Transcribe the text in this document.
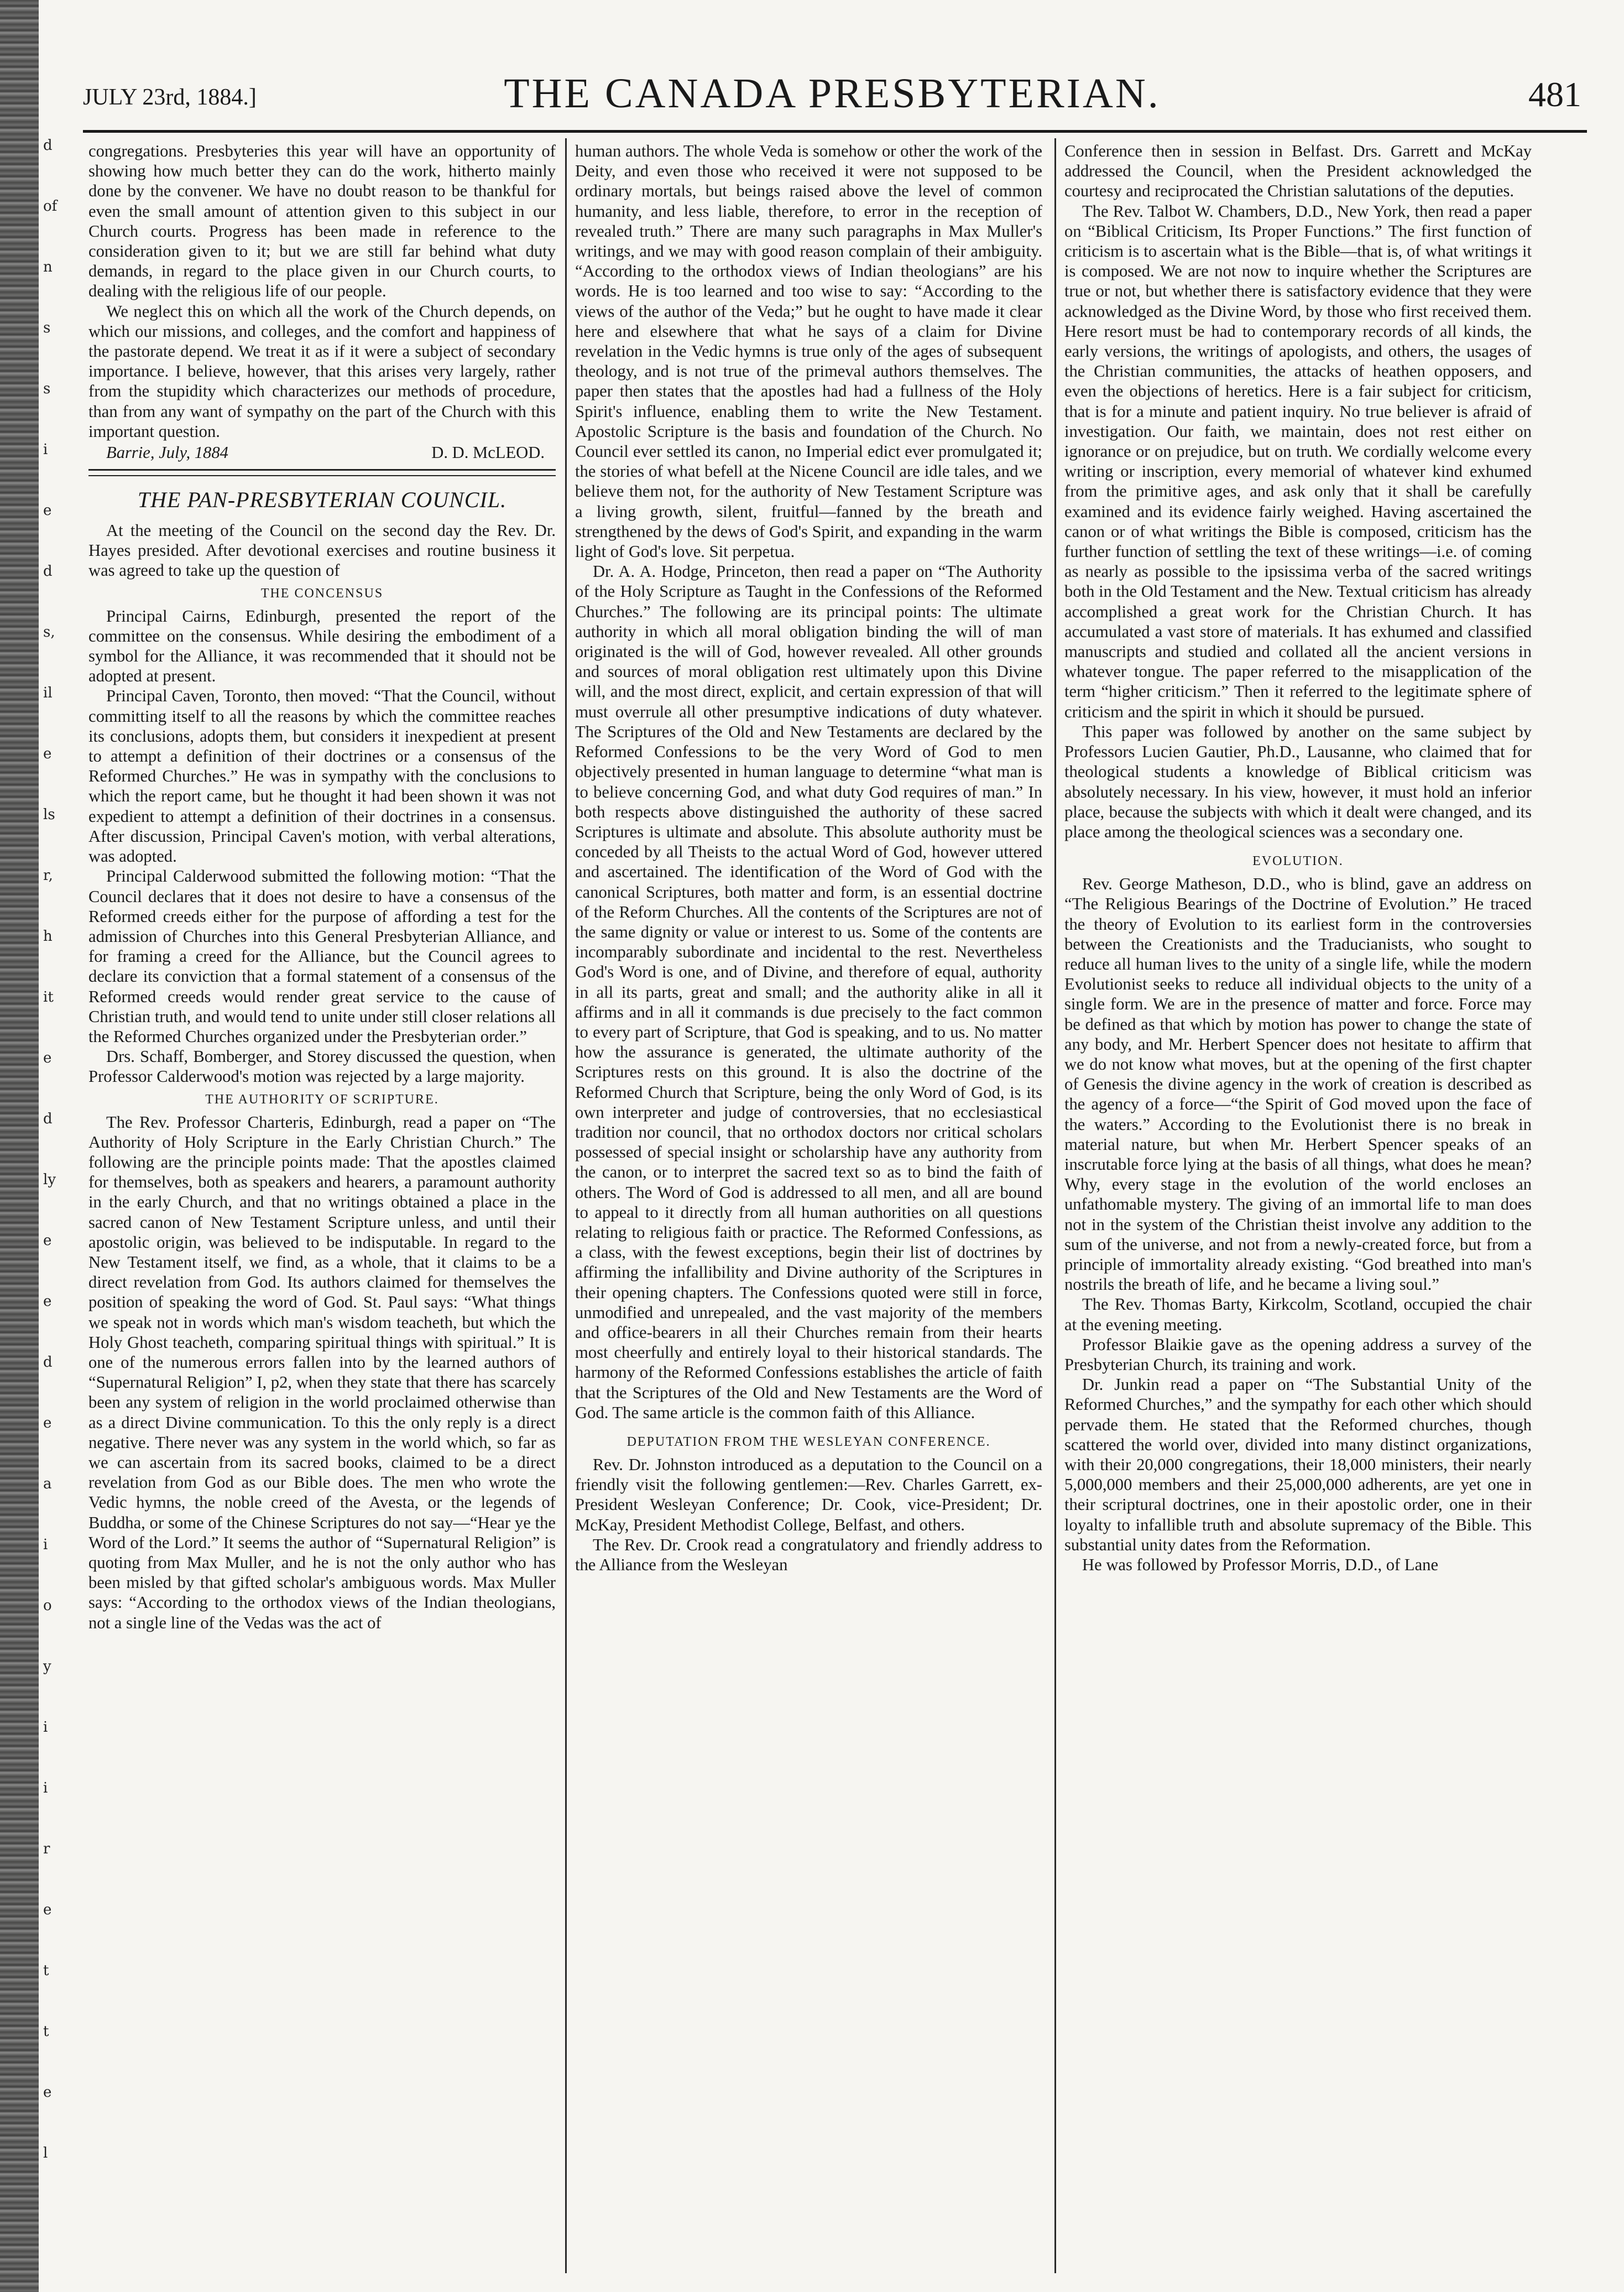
d
of
n
s
s
i
e
d
s,
il
e
ls
r,
h
it
e
d
ly
e
e
d
e
a
i
o
y
i
i
r
e
t
t
e
l
JULY 23rd, 1884.]	THE CANADA PRESBYTERIAN.	481

congregations. Presbyteries this year will have an opportunity of showing how much better they can do the work, hitherto mainly done by the convener. We have no doubt reason to be thankful for even the small amount of attention given to this subject in our Church courts. Progress has been made in reference to the consideration given to it; but we are still far behind what duty demands, in regard to the place given in our Church courts, to dealing with the religious life of our people.

We neglect this on which all the work of the Church depends, on which our missions, and colleges, and the comfort and happiness of the pastorate depend. We treat it as if it were a subject of secondary importance. I believe, however, that this arises very largely, rather from the stupidity which characterizes our methods of procedure, than from any want of sympathy on the part of the Church with this important question.

Barrie, July, 1884	D. D. McLEOD.
THE PAN-PRESBYTERIAN COUNCIL.

At the meeting of the Council on the second day the Rev. Dr. Hayes presided. After devotional exercises and routine business it was agreed to take up the question of

THE CONCENSUS

Principal Cairns, Edinburgh, presented the report of the committee on the consensus. While desiring the embodiment of a symbol for the Alliance, it was recommended that it should not be adopted at present.

Principal Caven, Toronto, then moved: “That the Council, without committing itself to all the reasons by which the committee reaches its conclusions, adopts them, but considers it inexpedient at present to attempt a definition of their doctrines or a consensus of the Reformed Churches.” He was in sympathy with the conclusions to which the report came, but he thought it had been shown it was not expedient to attempt a definition of their doctrines in a consensus. After discussion, Principal Caven's motion, with verbal alterations, was adopted.

Principal Calderwood submitted the following motion: “That the Council declares that it does not desire to have a consensus of the Reformed creeds either for the purpose of affording a test for the admission of Churches into this General Presbyterian Alliance, and for framing a creed for the Alliance, but the Council agrees to declare its conviction that a formal statement of a consensus of the Reformed creeds would render great service to the cause of Christian truth, and would tend to unite under still closer relations all the Reformed Churches organized under the Presbyterian order.”

Drs. Schaff, Bomberger, and Storey discussed the question, when Professor Calderwood's motion was rejected by a large majority.

THE AUTHORITY OF SCRIPTURE.

The Rev. Professor Charteris, Edinburgh, read a paper on “The Authority of Holy Scripture in the Early Christian Church.” The following are the principle points made: That the apostles claimed for themselves, both as speakers and hearers, a paramount authority in the early Church, and that no writings obtained a place in the sacred canon of New Testament Scripture unless, and until their apostolic origin, was believed to be indisputable. In regard to the New Testament itself, we find, as a whole, that it claims to be a direct revelation from God. Its authors claimed for themselves the position of speaking the word of God. St. Paul says: “What things we speak not in words which man's wisdom teacheth, but which the Holy Ghost teacheth, comparing spiritual things with spiritual.” It is one of the numerous errors fallen into by the learned authors of “Supernatural Religion” I, p2, when they state that there has scarcely been any system of religion in the world proclaimed otherwise than as a direct Divine communication. To this the only reply is a direct negative. There never was any system in the world which, so far as we can ascertain from its sacred books, claimed to be a direct revelation from God as our Bible does. The men who wrote the Vedic hymns, the noble creed of the Avesta, or the legends of Buddha, or some of the Chinese Scriptures do not say—“Hear ye the Word of the Lord.” It seems the author of “Supernatural Religion” is quoting from Max Muller, and he is not the only author who has been misled by that gifted scholar's ambiguous words. Max Muller says: “According to the orthodox views of the Indian theologians, not a single line of the Vedas was the act of

human authors. The whole Veda is somehow or other the work of the Deity, and even those who received it were not supposed to be ordinary mortals, but beings raised above the level of common humanity, and less liable, therefore, to error in the reception of revealed truth.” There are many such paragraphs in Max Muller's writings, and we may with good reason complain of their ambiguity. “According to the orthodox views of Indian theologians” are his words. He is too learned and too wise to say: “According to the views of the author of the Veda;” but he ought to have made it clear here and elsewhere that what he says of a claim for Divine revelation in the Vedic hymns is true only of the ages of subsequent theology, and is not true of the primeval authors themselves. The paper then states that the apostles had had a fullness of the Holy Spirit's influence, enabling them to write the New Testament. Apostolic Scripture is the basis and foundation of the Church. No Council ever settled its canon, no Imperial edict ever promulgated it; the stories of what befell at the Nicene Council are idle tales, and we believe them not, for the authority of New Testament Scripture was a living growth, silent, fruitful—fanned by the breath and strengthened by the dews of God's Spirit, and expanding in the warm light of God's love. Sit perpetua.

Dr. A. A. Hodge, Princeton, then read a paper on “The Authority of the Holy Scripture as Taught in the Confessions of the Reformed Churches.” The following are its principal points: The ultimate authority in which all moral obligation binding the will of man originated is the will of God, however revealed. All other grounds and sources of moral obligation rest ultimately upon this Divine will, and the most direct, explicit, and certain expression of that will must overrule all other presumptive indications of duty whatever. The Scriptures of the Old and New Testaments are declared by the Reformed Confessions to be the very Word of God to men objectively presented in human language to determine “what man is to believe concerning God, and what duty God requires of man.” In both respects above distinguished the authority of these sacred Scriptures is ultimate and absolute. This absolute authority must be conceded by all Theists to the actual Word of God, however uttered and ascertained. The identification of the Word of God with the canonical Scriptures, both matter and form, is an essential doctrine of the Reform Churches. All the contents of the Scriptures are not of the same dignity or value or interest to us. Some of the contents are incomparably subordinate and incidental to the rest. Nevertheless God's Word is one, and of Divine, and therefore of equal, authority in all its parts, great and small; and the authority alike in all it affirms and in all it commands is due precisely to the fact common to every part of Scripture, that God is speaking, and to us. No matter how the assurance is generated, the ultimate authority of the Scriptures rests on this ground. It is also the doctrine of the Reformed Church that Scripture, being the only Word of God, is its own interpreter and judge of controversies, that no ecclesiastical tradition nor council, that no orthodox doctors nor critical scholars possessed of special insight or scholarship have any authority from the canon, or to interpret the sacred text so as to bind the faith of others. The Word of God is addressed to all men, and all are bound to appeal to it directly from all human authorities on all questions relating to religious faith or practice. The Reformed Confessions, as a class, with the fewest exceptions, begin their list of doctrines by affirming the infallibility and Divine authority of the Scriptures in their opening chapters. The Confessions quoted were still in force, unmodified and unrepealed, and the vast majority of the members and office-bearers in all their Churches remain from their hearts most cheerfully and entirely loyal to their historical standards. The harmony of the Reformed Confessions establishes the article of faith that the Scriptures of the Old and New Testaments are the Word of God. The same article is the common faith of this Alliance.

DEPUTATION FROM THE WESLEYAN CONFERENCE.

Rev. Dr. Johnston introduced as a deputation to the Council on a friendly visit the following gentlemen:—Rev. Charles Garrett, ex-President Wesleyan Conference; Dr. Cook, vice-President; Dr. McKay, President Methodist College, Belfast, and others.

The Rev. Dr. Crook read a congratulatory and friendly address to the Alliance from the Wesleyan

Conference then in session in Belfast. Drs. Garrett and McKay addressed the Council, when the President acknowledged the courtesy and reciprocated the Christian salutations of the deputies.

The Rev. Talbot W. Chambers, D.D., New York, then read a paper on “Biblical Criticism, Its Proper Functions.” The first function of criticism is to ascertain what is the Bible—that is, of what writings it is composed. We are not now to inquire whether the Scriptures are true or not, but whether there is satisfactory evidence that they were acknowledged as the Divine Word, by those who first received them. Here resort must be had to contemporary records of all kinds, the early versions, the writings of apologists, and others, the usages of the Christian communities, the attacks of heathen opposers, and even the objections of heretics. Here is a fair subject for criticism, that is for a minute and patient inquiry. No true believer is afraid of investigation. Our faith, we maintain, does not rest either on ignorance or on prejudice, but on truth. We cordially welcome every writing or inscription, every memorial of whatever kind exhumed from the primitive ages, and ask only that it shall be carefully examined and its evidence fairly weighed. Having ascertained the canon or of what writings the Bible is composed, criticism has the further function of settling the text of these writings—i.e. of coming as nearly as possible to the ipsissima verba of the sacred writings both in the Old Testament and the New. Textual criticism has already accomplished a great work for the Christian Church. It has accumulated a vast store of materials. It has exhumed and classified manuscripts and studied and collated all the ancient versions in whatever tongue. The paper referred to the misapplication of the term “higher criticism.” Then it referred to the legitimate sphere of criticism and the spirit in which it should be pursued.

This paper was followed by another on the same subject by Professors Lucien Gautier, Ph.D., Lausanne, who claimed that for theological students a knowledge of Biblical criticism was absolutely necessary. In his view, however, it must hold an inferior place, because the subjects with which it dealt were changed, and its place among the theological sciences was a secondary one.

EVOLUTION.

Rev. George Matheson, D.D., who is blind, gave an address on “The Religious Bearings of the Doctrine of Evolution.” He traced the theory of Evolution to its earliest form in the controversies between the Creationists and the Traducianists, who sought to reduce all human lives to the unity of a single life, while the modern Evolutionist seeks to reduce all individual objects to the unity of a single form. We are in the presence of matter and force. Force may be defined as that which by motion has power to change the state of any body, and Mr. Herbert Spencer does not hesitate to affirm that we do not know what moves, but at the opening of the first chapter of Genesis the divine agency in the work of creation is described as the agency of a force—“the Spirit of God moved upon the face of the waters.” According to the Evolutionist there is no break in material nature, but when Mr. Herbert Spencer speaks of an inscrutable force lying at the basis of all things, what does he mean? Why, every stage in the evolution of the world encloses an unfathomable mystery. The giving of an immortal life to man does not in the system of the Christian theist involve any addition to the sum of the universe, and not from a newly-created force, but from a principle of immortality already existing. “God breathed into man's nostrils the breath of life, and he became a living soul.”

The Rev. Thomas Barty, Kirkcolm, Scotland, occupied the chair at the evening meeting.

Professor Blaikie gave as the opening address a survey of the Presbyterian Church, its training and work.

Dr. Junkin read a paper on “The Substantial Unity of the Reformed Churches,” and the sympathy for each other which should pervade them. He stated that the Reformed churches, though scattered the world over, divided into many distinct organizations, with their 20,000 congregations, their 18,000 ministers, their nearly 5,000,000 members and their 25,000,000 adherents, are yet one in their scriptural doctrines, one in their apostolic order, one in their loyalty to infallible truth and absolute supremacy of the Bible. This substantial unity dates from the Reformation.

He was followed by Professor Morris, D.D., of Lane
